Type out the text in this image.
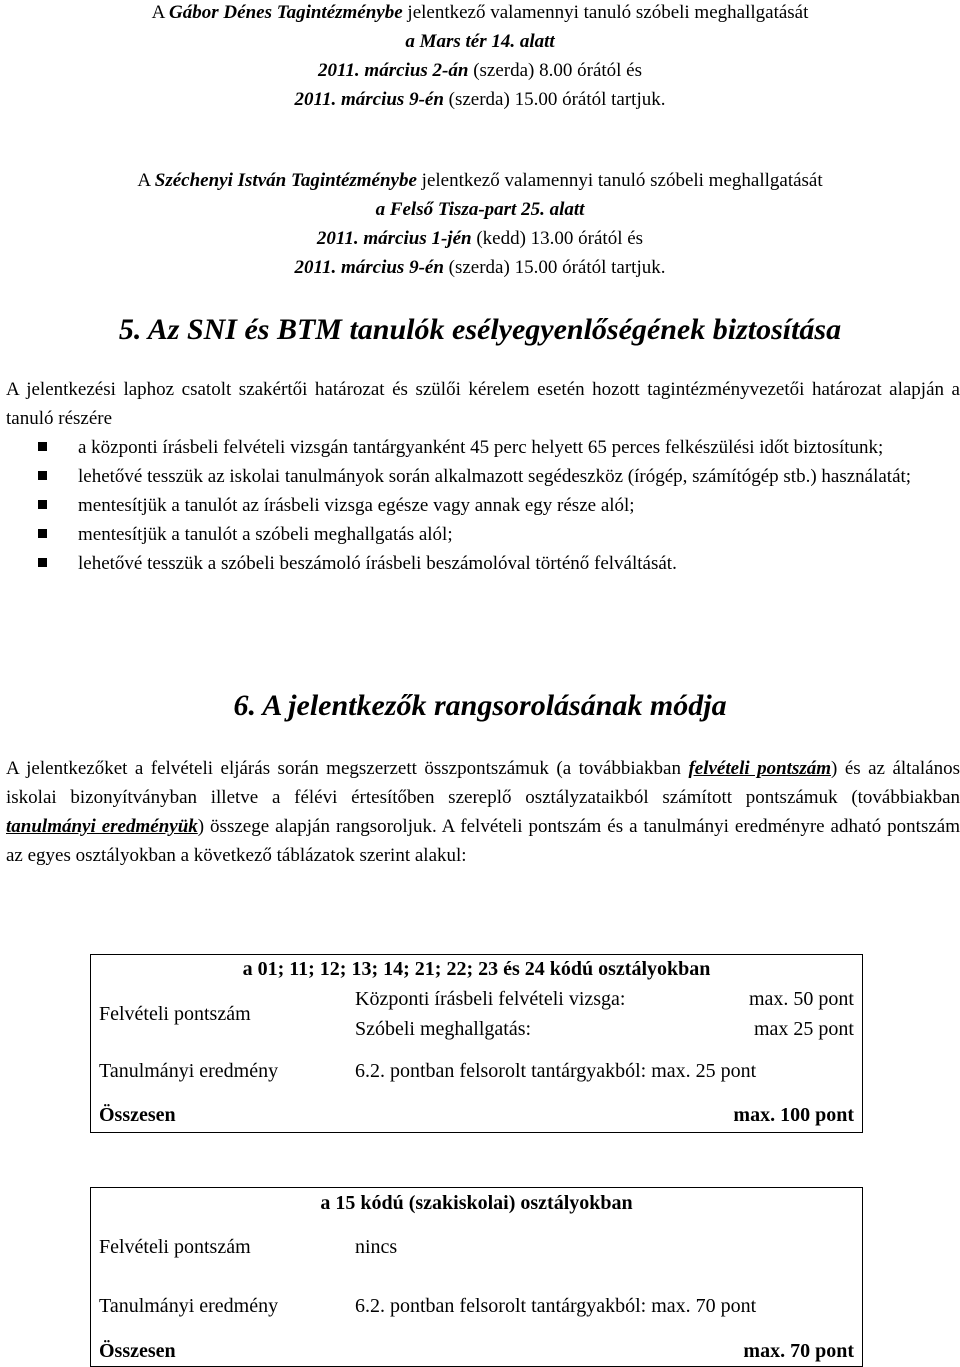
A Gábor Dénes Tagintézménybe jelentkező valamennyi tanuló szóbeli meghallgatását
a Mars tér 14. alatt
2011. március 2-án (szerda) 8.00 órától és
2011. március 9-én (szerda) 15.00 órától tartjuk.
A Széchenyi István Tagintézménybe jelentkező valamennyi tanuló szóbeli meghallgatását
a Felső Tisza-part 25. alatt
2011. március 1-jén (kedd) 13.00 órától és
2011. március 9-én (szerda) 15.00 órától tartjuk.
5. Az SNI és BTM tanulók esélyegyenlőségének biztosítása
A jelentkezési laphoz csatolt szakértői határozat és szülői kérelem esetén hozott tagintézményvezetői határozat alapján a tanuló részére
a központi írásbeli felvételi vizsgán tantárgyanként 45 perc helyett 65 perces felkészülési időt biztosítunk;
lehetővé tesszük az iskolai tanulmányok során alkalmazott segédeszköz (írógép, számítógép stb.) használatát;
mentesítjük a tanulót az írásbeli vizsga egésze vagy annak egy része alól;
mentesítjük a tanulót a szóbeli meghallgatás alól;
lehetővé tesszük a szóbeli beszámoló írásbeli beszámolóval történő felváltását.
6. A jelentkezők rangsorolásának módja
A jelentkezőket a felvételi eljárás során megszerzett összpontszámuk (a továbbiakban felvételi pontszám) és az általános iskolai bizonyítványban illetve a félévi értesítőben szereplő osztályzataikból számított pontszámuk (továbbiakban tanulmányi eredményük) összege alapján rangsoroljuk. A felvételi pontszám és a tanulmányi eredményre adható pontszám az egyes osztályokban a következő táblázatok szerint alakul:
a 01; 11; 12; 13; 14; 21; 22; 23 és 24 kódú osztályokban		
Felvételi pontszám	Központi írásbeli felvételi vizsga:	max. 50 pont
	Szóbeli meghallgatás:	max 25 pont
Tanulmányi eredmény	6.2. pontban felsorolt tantárgyakból: max. 25 pont	
Összesen	max. 100 pont	
a 15 kódú (szakiskolai) osztályokban	
Felvételi pontszám	nincs
Tanulmányi eredmény	6.2. pontban felsorolt tantárgyakból: max. 70 pont
Összesen	max. 70 pont
